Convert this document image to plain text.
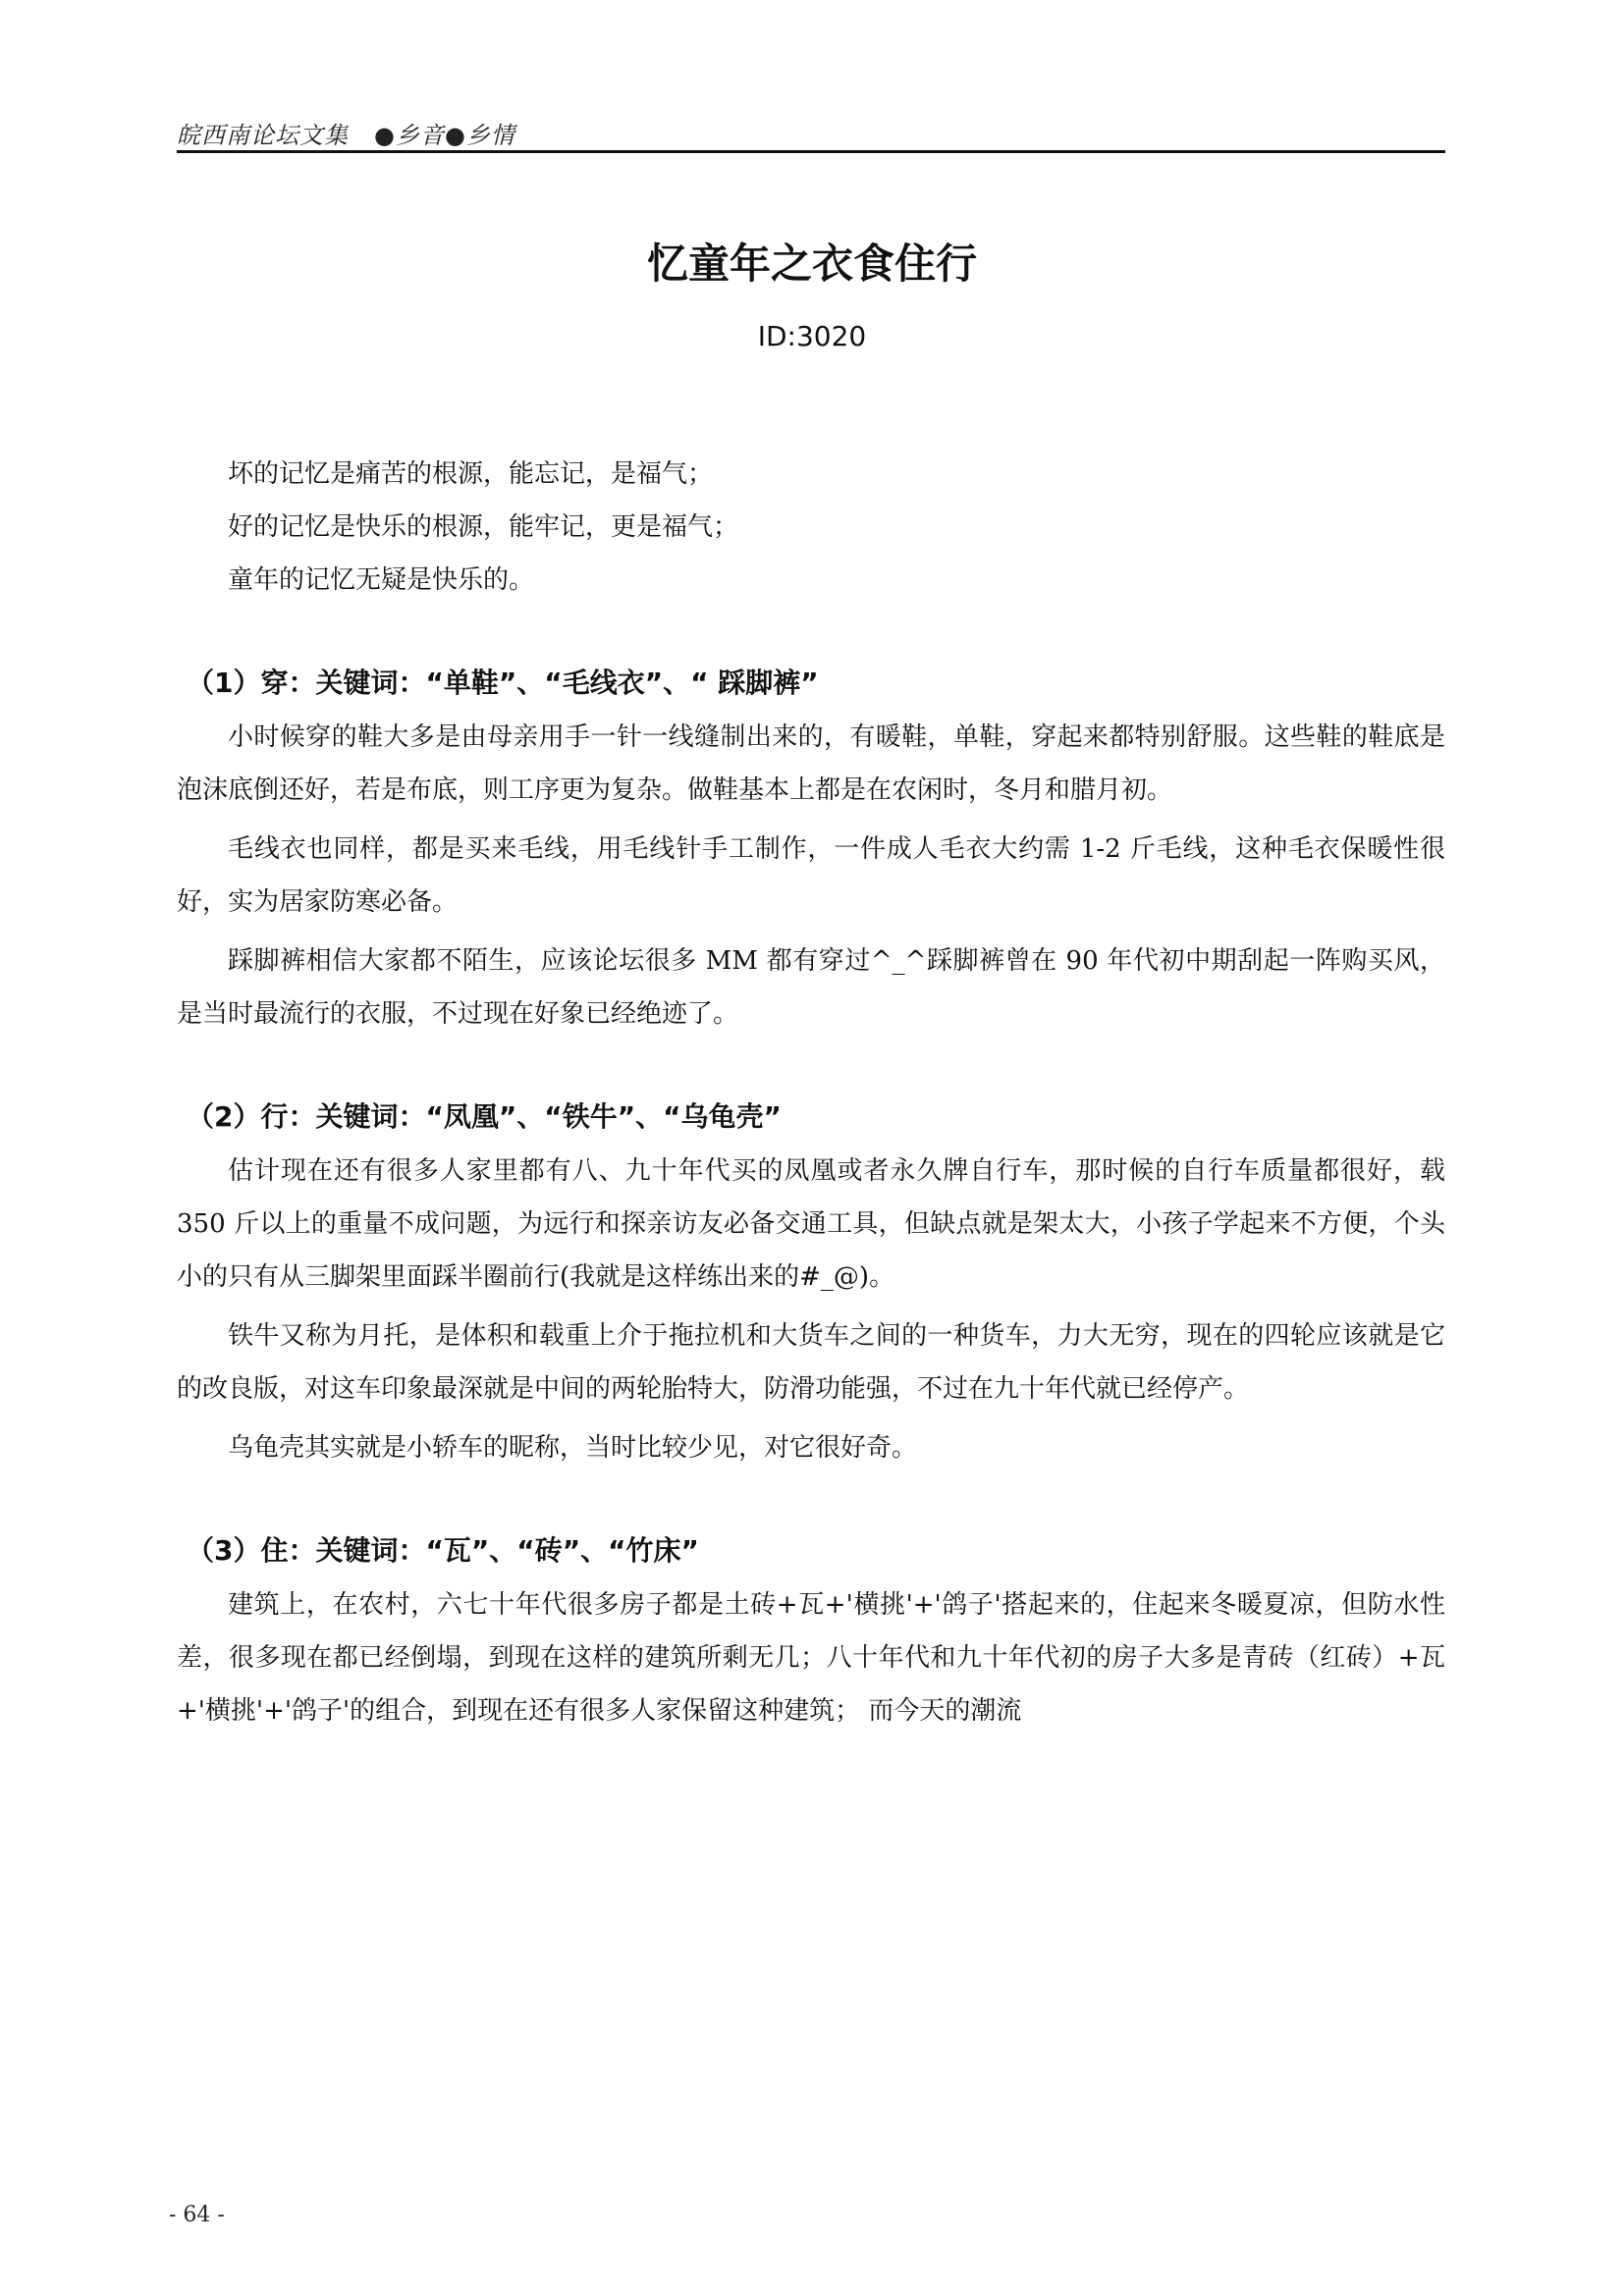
皖西南论坛文集 ●乡音●乡情
忆童年之衣食住行
ID:3020

坏的记忆是痛苦的根源，能忘记，是福气；

好的记忆是快乐的根源，能牢记，更是福气；

童年的记忆无疑是快乐的。

（1）穿：关键词：“单鞋”、“毛线衣”、“ 踩脚裤”

小时候穿的鞋大多是由母亲用手一针一线缝制出来的，有暖鞋，单鞋，穿起来都特别舒服。这些鞋的鞋底是泡沫底倒还好，若是布底，则工序更为复杂。做鞋基本上都是在农闲时，冬月和腊月初。

毛线衣也同样，都是买来毛线，用毛线针手工制作，一件成人毛衣大约需 1-2 斤毛线，这种毛衣保暖性很好，实为居家防寒必备。

踩脚裤相信大家都不陌生，应该论坛很多 MM 都有穿过^_^踩脚裤曾在 90 年代初中期刮起一阵购买风，是当时最流行的衣服，不过现在好象已经绝迹了。

（2）行：关键词：“凤凰”、“铁牛”、“乌龟壳”

估计现在还有很多人家里都有八、九十年代买的凤凰或者永久牌自行车，那时候的自行车质量都很好，载 350 斤以上的重量不成问题，为远行和探亲访友必备交通工具，但缺点就是架太大，小孩子学起来不方便，个头小的只有从三脚架里面踩半圈前行(我就是这样练出来的#_@)。

铁牛又称为月托，是体积和载重上介于拖拉机和大货车之间的一种货车，力大无穷，现在的四轮应该就是它的改良版，对这车印象最深就是中间的两轮胎特大，防滑功能强，不过在九十年代就已经停产。

乌龟壳其实就是小轿车的昵称，当时比较少见，对它很好奇。

（3）住：关键词：“瓦”、“砖”、“竹床”

建筑上，在农村，六七十年代很多房子都是土砖+瓦+'横挑'+'鸽子'搭起来的，住起来冬暖夏凉，但防水性差，很多现在都已经倒塌，到现在这样的建筑所剩无几；八十年代和九十年代初的房子大多是青砖（红砖）+瓦+'横挑'+'鸽子'的组合，到现在还有很多人家保留这种建筑； 而今天的潮流

- 64 -
